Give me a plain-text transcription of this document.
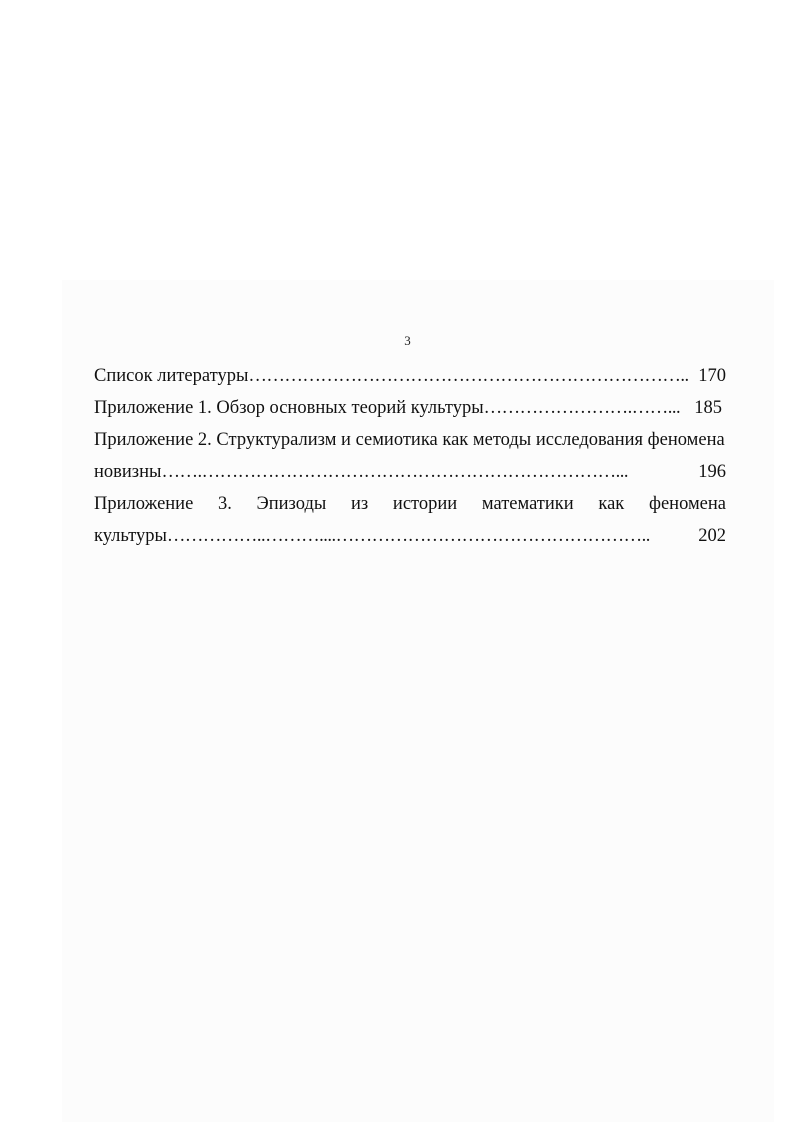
3
Список литературы ……………………………………………………………….. 170
Приложение 1. Обзор основных теорий культуры …………………….……... 185
Приложение 2. Структурализм и семиотика как методы исследования феномена
новизны …….……………………………………………………………...	196
Приложение 3. Эпизоды из истории математики как феномена
культуры ……………..………....……………………………………………..	202
